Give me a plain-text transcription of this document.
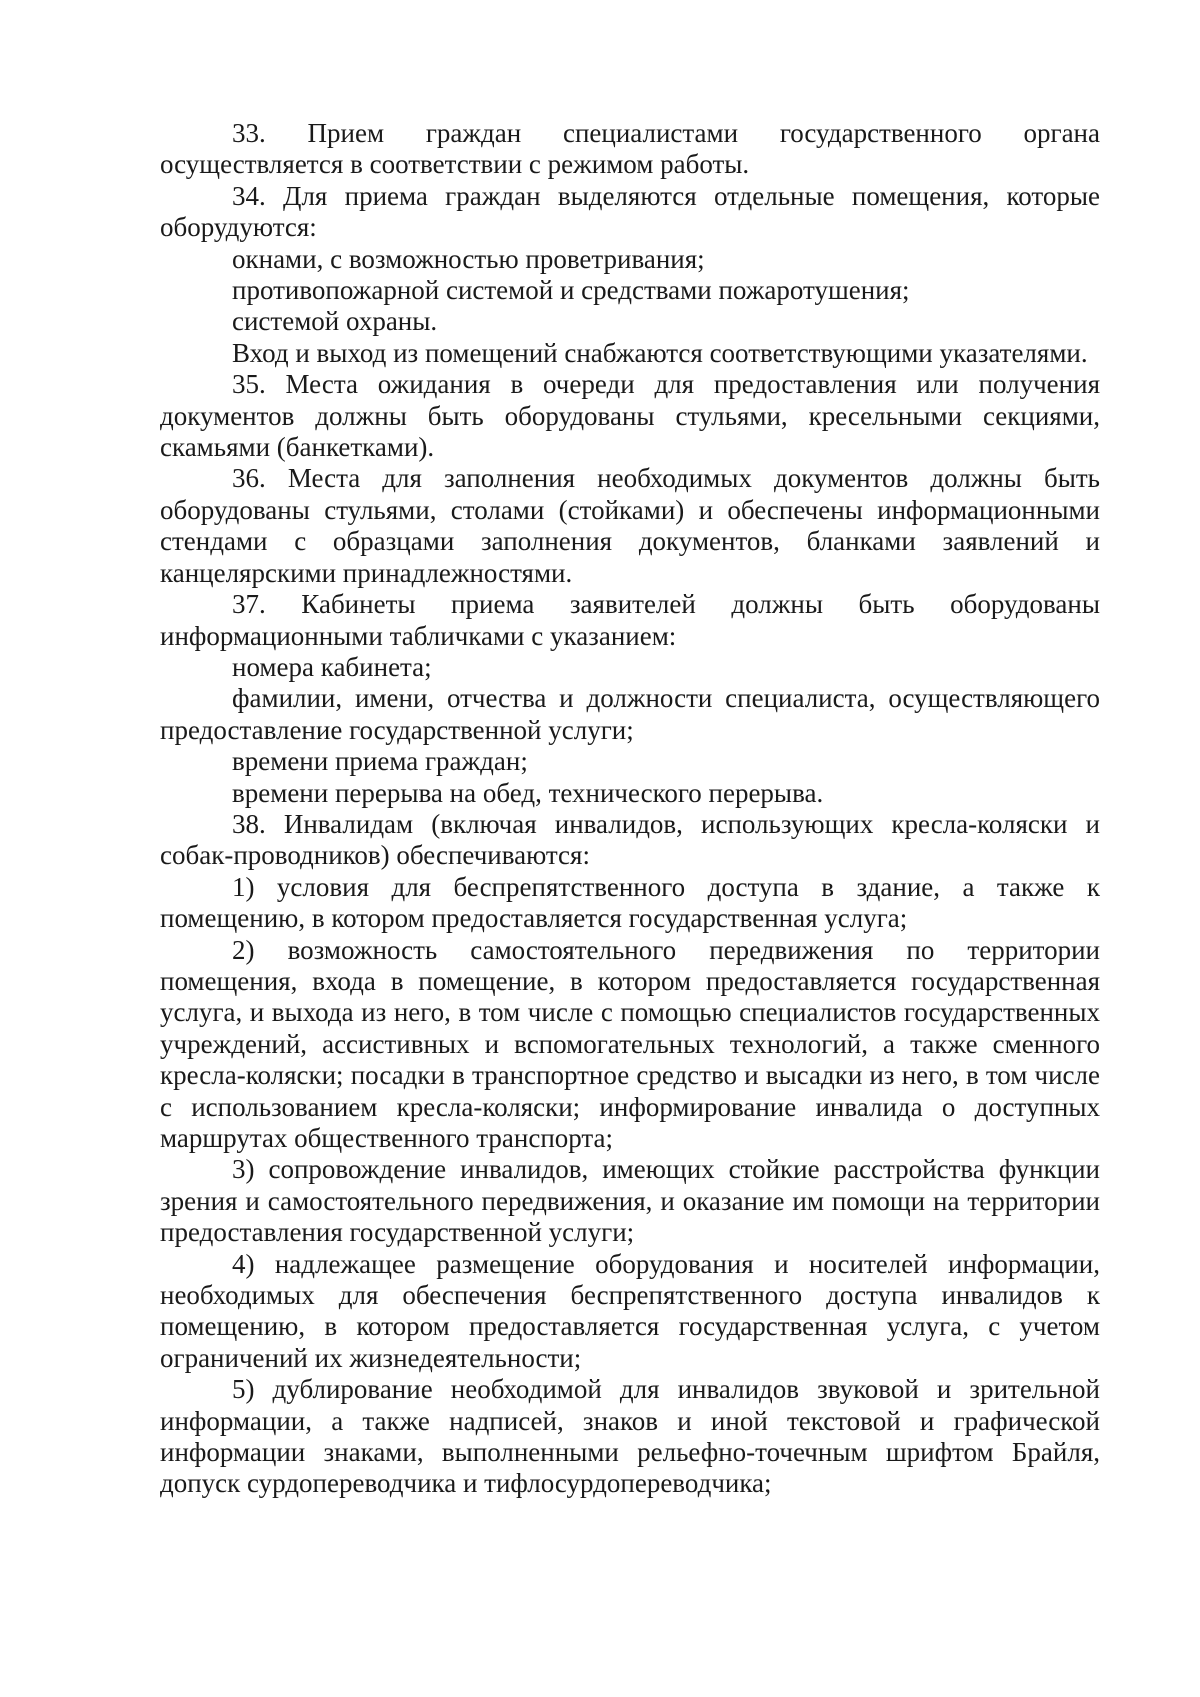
33. Прием граждан специалистами государственного органа осуществляется в соответствии с режимом работы.

34. Для приема граждан выделяются отдельные помещения, которые оборудуются:

окнами, с возможностью проветривания;

противопожарной системой и средствами пожаротушения;

системой охраны.

Вход и выход из помещений снабжаются соответствующими указателями.

35. Места ожидания в очереди для предоставления или получения документов должны быть оборудованы стульями, кресельными секциями, скамьями (банкетками).

36. Места для заполнения необходимых документов должны быть оборудованы стульями, столами (стойками) и обеспечены информационными стендами с образцами заполнения документов, бланками заявлений и канцелярскими принадлежностями.

37. Кабинеты приема заявителей должны быть оборудованы информационными табличками с указанием:

номера кабинета;

фамилии, имени, отчества и должности специалиста, осуществляющего предоставление государственной услуги;

времени приема граждан;

времени перерыва на обед, технического перерыва.

38. Инвалидам (включая инвалидов, использующих кресла-коляски и собак-проводников) обеспечиваются:

1) условия для беспрепятственного доступа в здание, а также к помещению, в котором предоставляется государственная услуга;

2) возможность самостоятельного передвижения по территории помещения, входа в помещение, в котором предоставляется государственная услуга, и выхода из него, в том числе с помощью специалистов государственных учреждений, ассистивных и вспомогательных технологий, а также сменного кресла-коляски; посадки в транспортное средство и высадки из него, в том числе с использованием кресла-коляски; информирование инвалида о доступных маршрутах общественного транспорта;

3) сопровождение инвалидов, имеющих стойкие расстройства функции зрения и самостоятельного передвижения, и оказание им помощи на территории предоставления государственной услуги;

4) надлежащее размещение оборудования и носителей информации, необходимых для обеспечения беспрепятственного доступа инвалидов к помещению, в котором предоставляется государственная услуга, с учетом ограничений их жизнедеятельности;

5) дублирование необходимой для инвалидов звуковой и зрительной информации, а также надписей, знаков и иной текстовой и графической информации знаками, выполненными рельефно-точечным шрифтом Брайля, допуск сурдопереводчика и тифлосурдопереводчика;
